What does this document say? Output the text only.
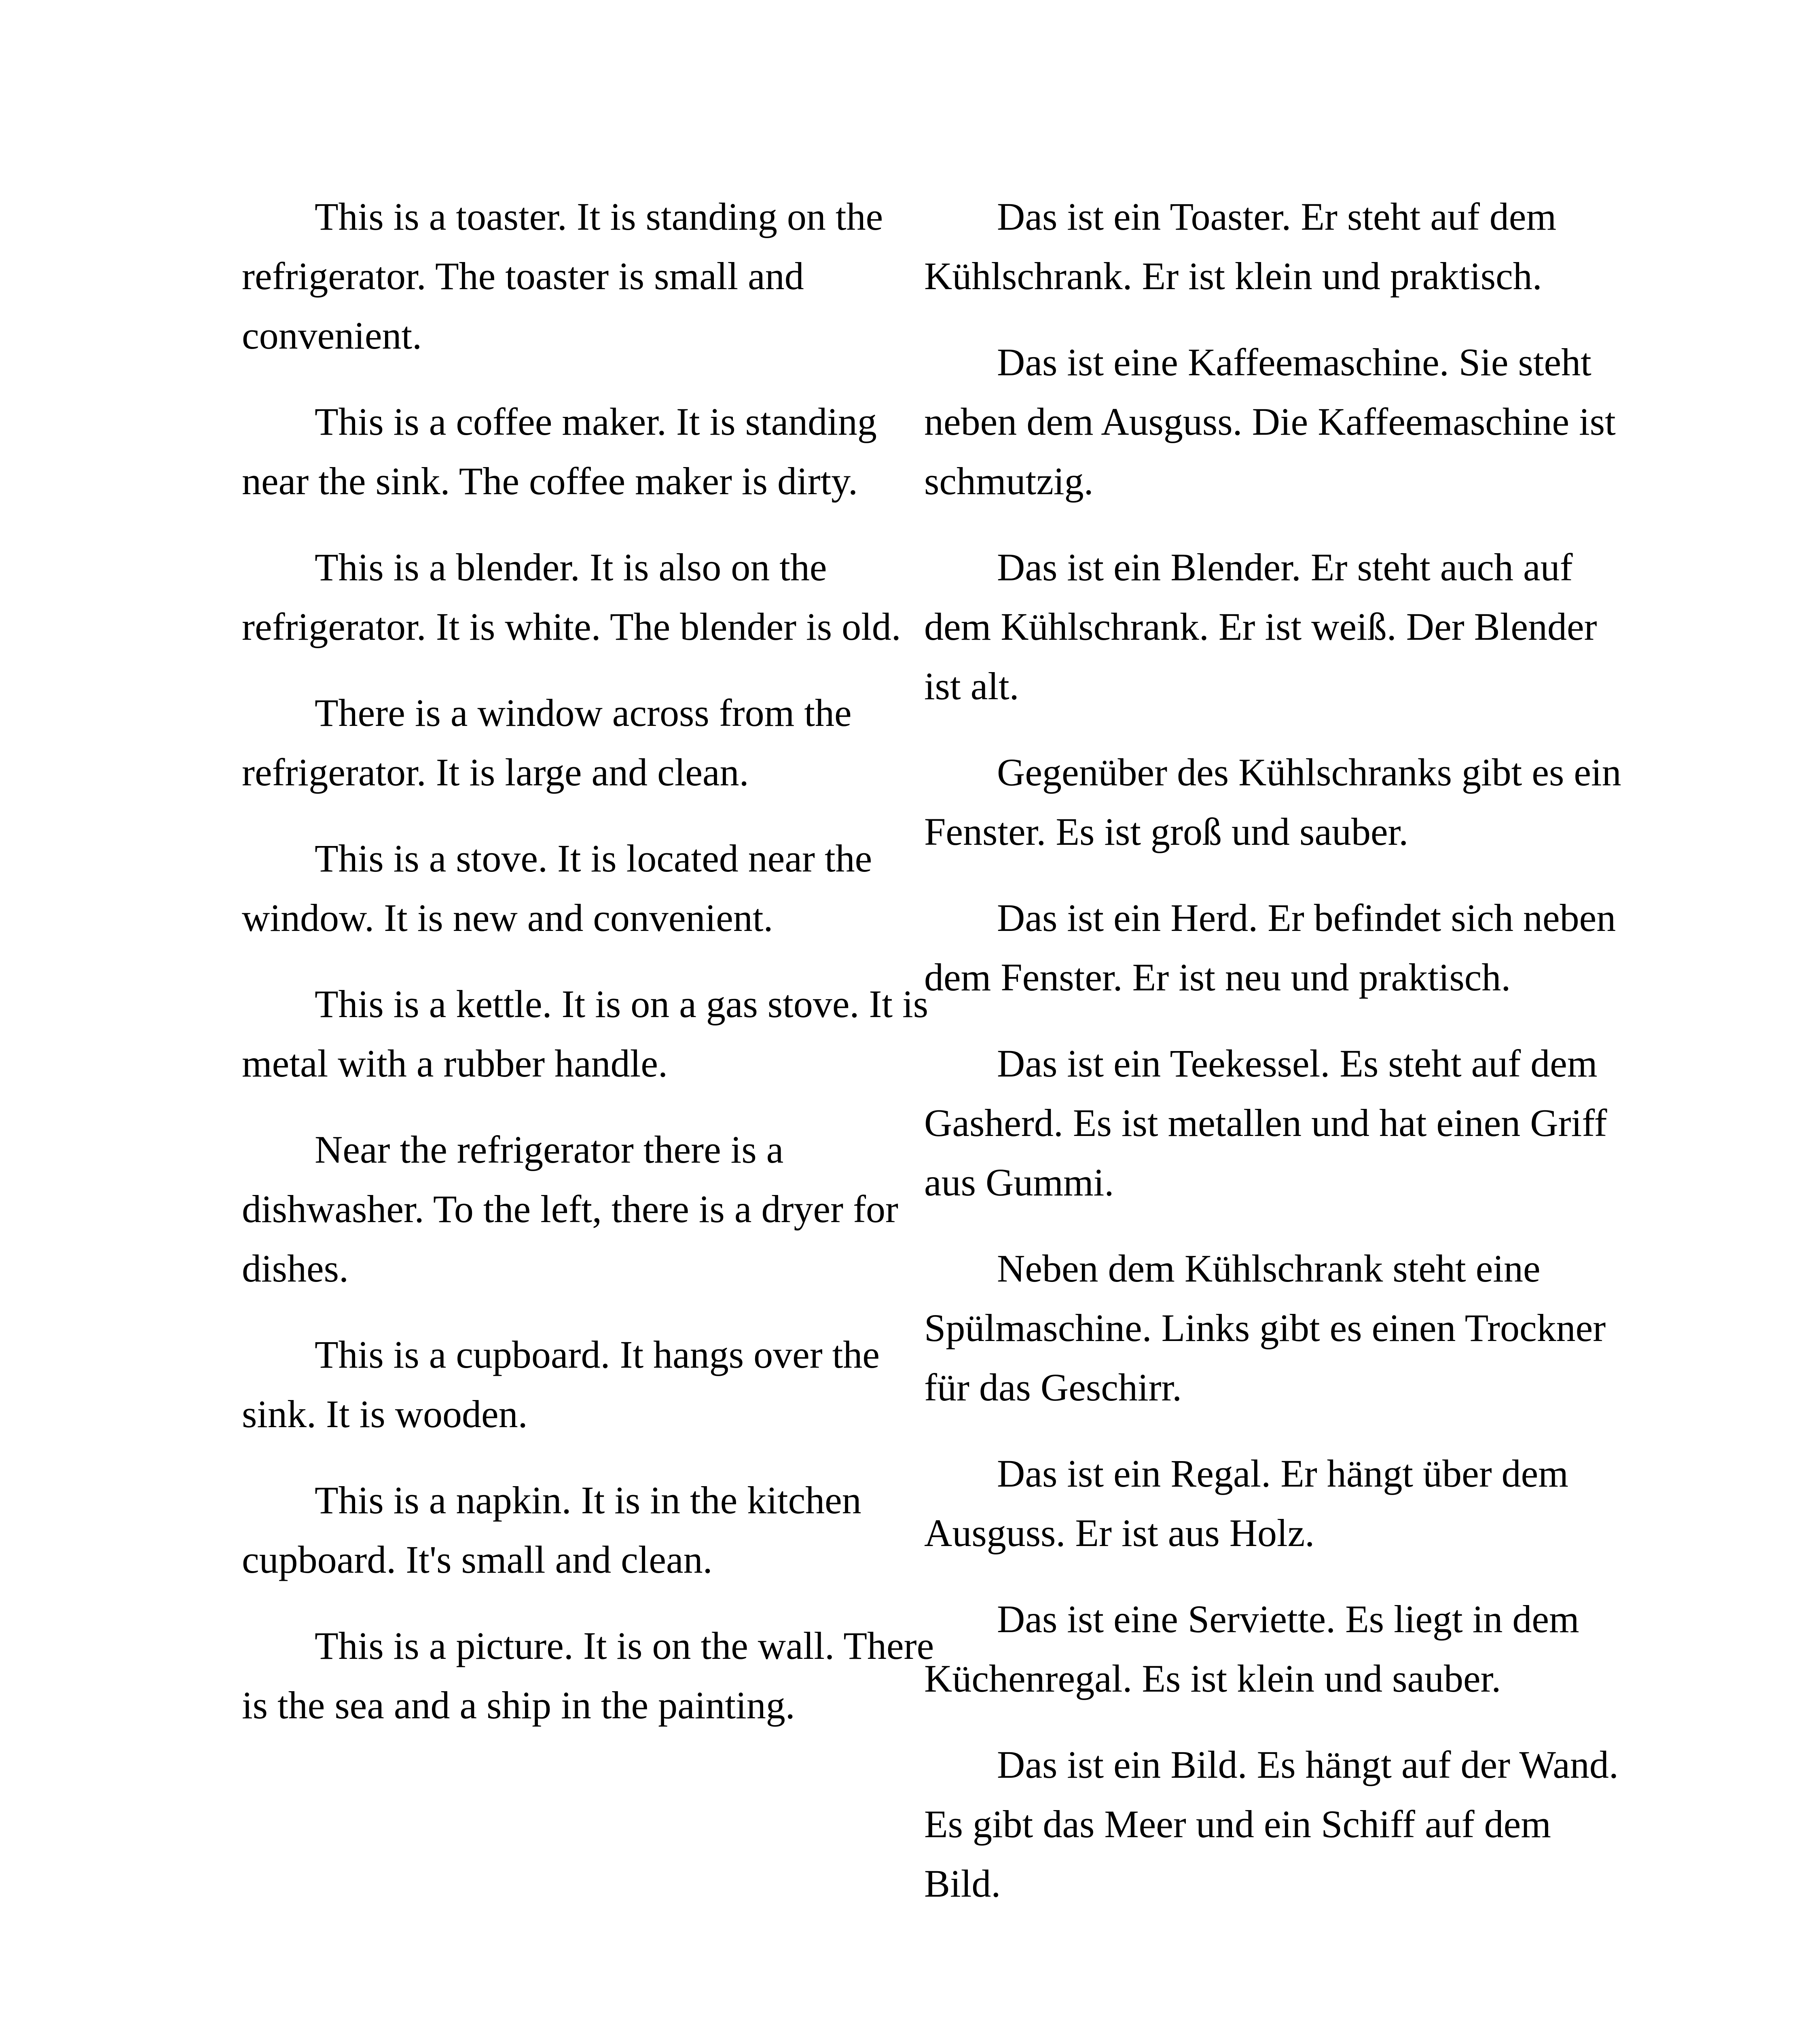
This is a toaster. It is standing on the refrigerator. The toaster is small and convenient.

This is a coffee maker. It is standing near the sink. The coffee maker is dirty.

This is a blender. It is also on the refrigerator. It is white. The blender is old.

There is a window across from the refrigerator. It is large and clean.

This is a stove. It is located near the window. It is new and convenient.

This is a kettle. It is on a gas stove. It is metal with a rubber handle.

Near the refrigerator there is a dishwasher. To the left, there is a dryer for dishes.

This is a cupboard. It hangs over the sink. It is wooden.

This is a napkin. It is in the kitchen cupboard. It's small and clean.

This is a picture. It is on the wall. There is the sea and a ship in the painting.

Das ist ein Toaster. Er steht auf dem Kühlschrank. Er ist klein und praktisch.

Das ist eine Kaffeemaschine. Sie steht neben dem Ausguss. Die Kaffeemaschine ist schmutzig.

Das ist ein Blender. Er steht auch auf dem Kühlschrank. Er ist weiß. Der Blender ist alt.

Gegenüber des Kühlschranks gibt es ein Fenster. Es ist groß und sauber.

Das ist ein Herd. Er befindet sich neben dem Fenster. Er ist neu und praktisch.

Das ist ein Teekessel. Es steht auf dem Gasherd. Es ist metallen und hat einen Griff aus Gummi.

Neben dem Kühlschrank steht eine Spülmaschine. Links gibt es einen Trockner für das Geschirr.

Das ist ein Regal. Er hängt über dem Ausguss. Er ist aus Holz.

Das ist eine Serviette. Es liegt in dem Küchenregal. Es ist klein und sauber.

Das ist ein Bild. Es hängt auf der Wand. Es gibt das Meer und ein Schiff auf dem Bild.
